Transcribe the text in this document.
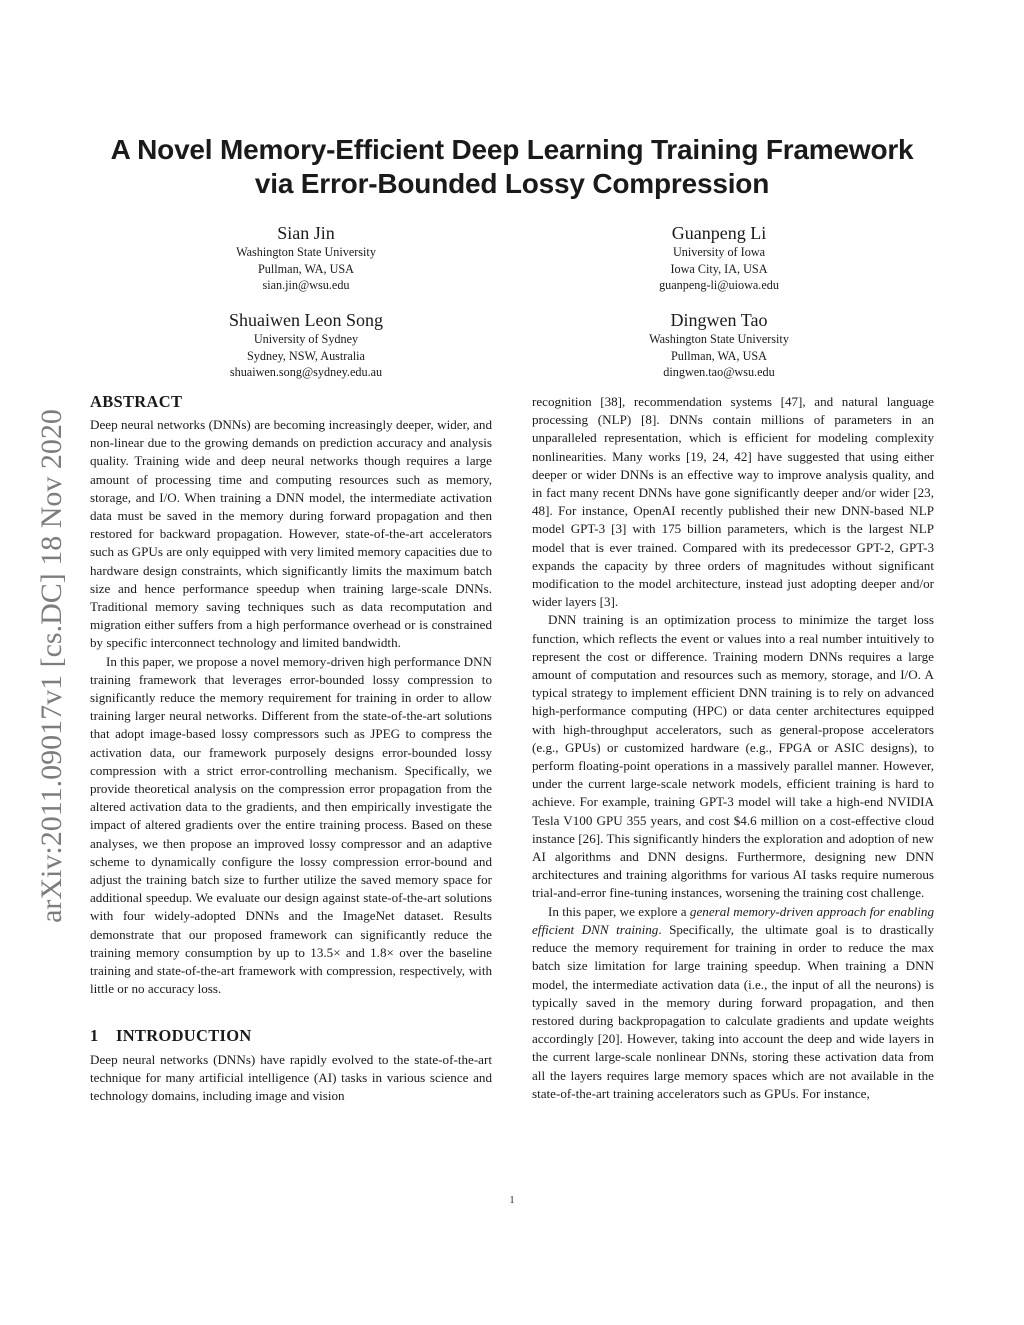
arXiv:2011.09017v1 [cs.DC] 18 Nov 2020

A Novel Memory-Efficient Deep Learning Training Framework
via Error-Bounded Lossy Compression
Sian Jin
Washington State University
Pullman, WA, USA
sian.jin@wsu.edu
Guanpeng Li
University of Iowa
Iowa City, IA, USA
guanpeng-li@uiowa.edu
Shuaiwen Leon Song
University of Sydney
Sydney, NSW, Australia
shuaiwen.song@sydney.edu.au
Dingwen Tao
Washington State University
Pullman, WA, USA
dingwen.tao@wsu.edu
ABSTRACT

Deep neural networks (DNNs) are becoming increasingly deeper, wider, and non-linear due to the growing demands on prediction accuracy and analysis quality. Training wide and deep neural networks though requires a large amount of processing time and computing resources such as memory, storage, and I/O. When training a DNN model, the intermediate activation data must be saved in the memory during forward propagation and then restored for backward propagation. However, state-of-the-art accelerators such as GPUs are only equipped with very limited memory capacities due to hardware design constraints, which significantly limits the maximum batch size and hence performance speedup when training large-scale DNNs. Traditional memory saving techniques such as data recomputation and migration either suffers from a high performance overhead or is constrained by specific interconnect technology and limited bandwidth.

In this paper, we propose a novel memory-driven high performance DNN training framework that leverages error-bounded lossy compression to significantly reduce the memory requirement for training in order to allow training larger neural networks. Different from the state-of-the-art solutions that adopt image-based lossy compressors such as JPEG to compress the activation data, our framework purposely designs error-bounded lossy compression with a strict error-controlling mechanism. Specifically, we provide theoretical analysis on the compression error propagation from the altered activation data to the gradients, and then empirically investigate the impact of altered gradients over the entire training process. Based on these analyses, we then propose an improved lossy compressor and an adaptive scheme to dynamically configure the lossy compression error-bound and adjust the training batch size to further utilize the saved memory space for additional speedup. We evaluate our design against state-of-the-art solutions with four widely-adopted DNNs and the ImageNet dataset. Results demonstrate that our proposed framework can significantly reduce the training memory consumption by up to 13.5× and 1.8× over the baseline training and state-of-the-art framework with compression, respectively, with little or no accuracy loss.

1 INTRODUCTION

Deep neural networks (DNNs) have rapidly evolved to the state-of-the-art technique for many artificial intelligence (AI) tasks in various science and technology domains, including image and vision

recognition [38], recommendation systems [47], and natural language processing (NLP) [8]. DNNs contain millions of parameters in an unparalleled representation, which is efficient for modeling complexity nonlinearities. Many works [19, 24, 42] have suggested that using either deeper or wider DNNs is an effective way to improve analysis quality, and in fact many recent DNNs have gone significantly deeper and/or wider [23, 48]. For instance, OpenAI recently published their new DNN-based NLP model GPT-3 [3] with 175 billion parameters, which is the largest NLP model that is ever trained. Compared with its predecessor GPT-2, GPT-3 expands the capacity by three orders of magnitudes without significant modification to the model architecture, instead just adopting deeper and/or wider layers [3].

DNN training is an optimization process to minimize the target loss function, which reflects the event or values into a real number intuitively to represent the cost or difference. Training modern DNNs requires a large amount of computation and resources such as memory, storage, and I/O. A typical strategy to implement efficient DNN training is to rely on advanced high-performance computing (HPC) or data center architectures equipped with high-throughput accelerators, such as general-propose accelerators (e.g., GPUs) or customized hardware (e.g., FPGA or ASIC designs), to perform floating-point operations in a massively parallel manner. However, under the current large-scale network models, efficient training is hard to achieve. For example, training GPT-3 model will take a high-end NVIDIA Tesla V100 GPU 355 years, and cost $4.6 million on a cost-effective cloud instance [26]. This significantly hinders the exploration and adoption of new AI algorithms and DNN designs. Furthermore, designing new DNN architectures and training algorithms for various AI tasks require numerous trial-and-error fine-tuning instances, worsening the training cost challenge.

In this paper, we explore a general memory-driven approach for enabling efficient DNN training. Specifically, the ultimate goal is to drastically reduce the memory requirement for training in order to reduce the max batch size limitation for large training speedup. When training a DNN model, the intermediate activation data (i.e., the input of all the neurons) is typically saved in the memory during forward propagation, and then restored during backpropagation to calculate gradients and update weights accordingly [20]. However, taking into account the deep and wide layers in the current large-scale nonlinear DNNs, storing these activation data from all the layers requires large memory spaces which are not available in the state-of-the-art training accelerators such as GPUs. For instance,

1
